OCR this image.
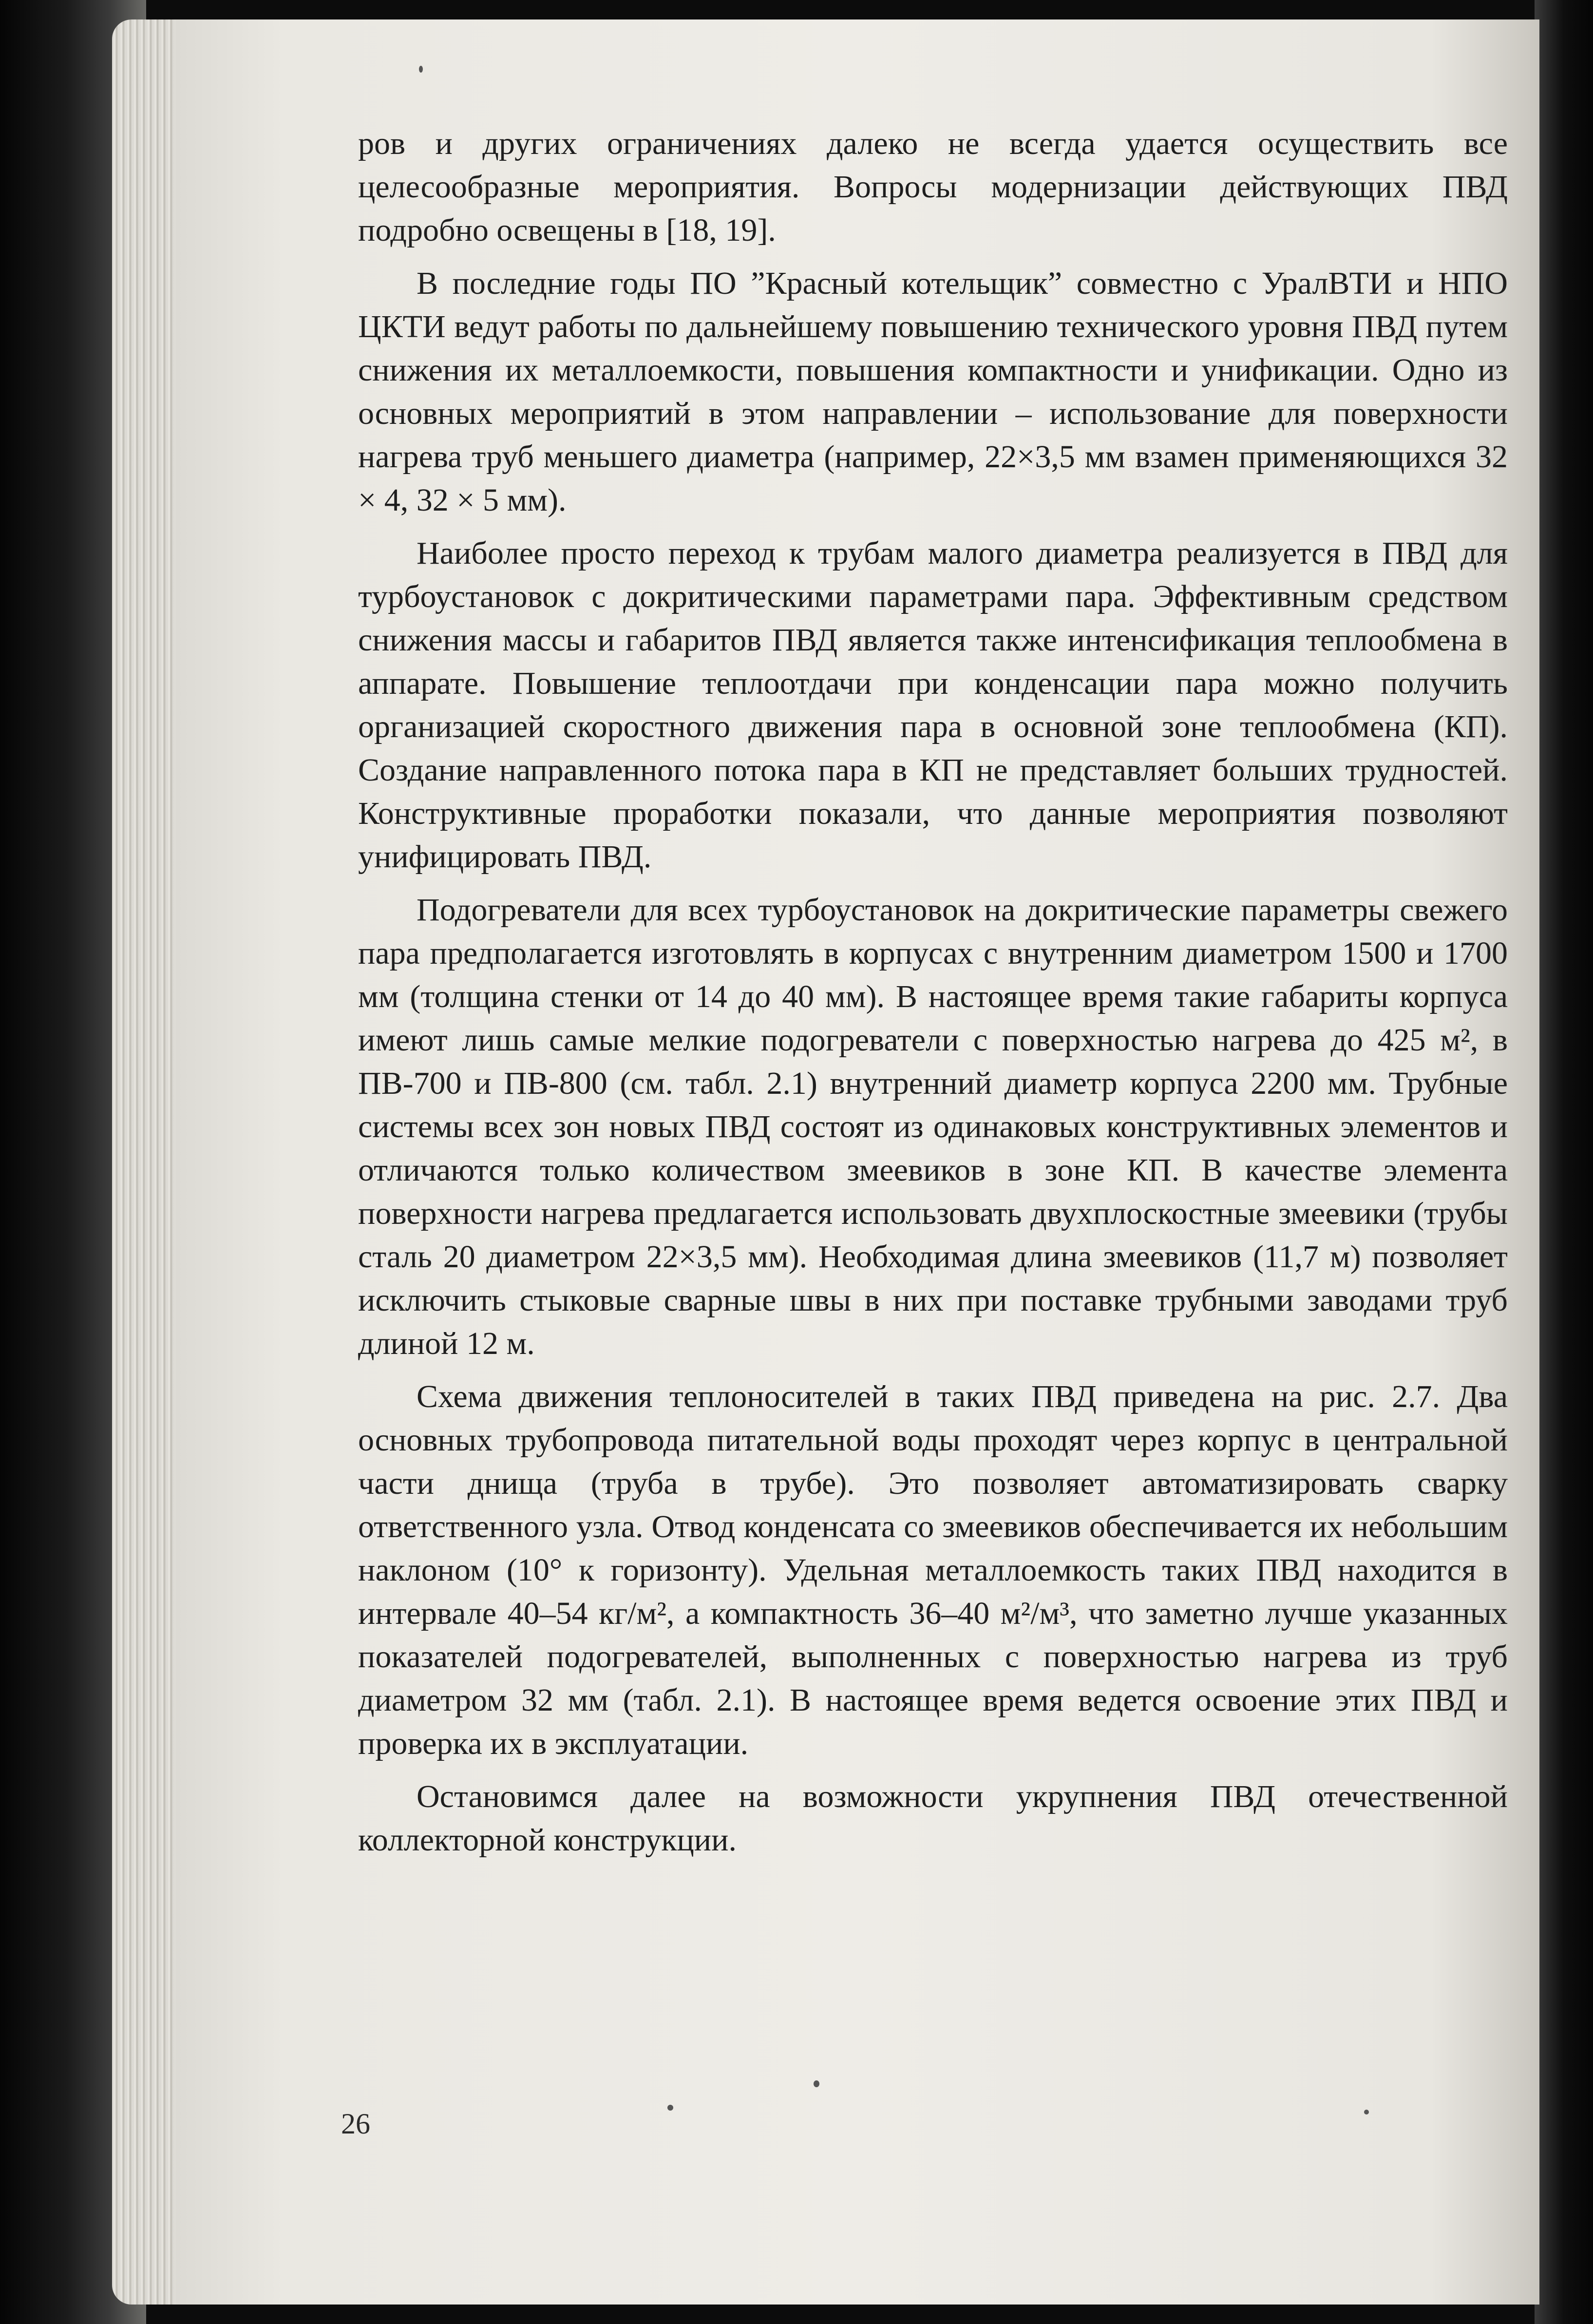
ров и других ограничениях далеко не всегда удается осуществить все целесообразные мероприятия. Вопросы модернизации действующих ПВД подробно освещены в [18, 19].

В последние годы ПО ”Красный котельщик” совместно с УралВТИ и НПО ЦКТИ ведут работы по дальнейшему повышению технического уровня ПВД путем снижения их металлоемкости, повышения компактности и унификации. Одно из основных мероприятий в этом направлении – использование для поверхности нагрева труб меньшего диаметра (например, 22×3,5 мм взамен применяющихся 32 × 4, 32 × 5 мм).

Наиболее просто переход к трубам малого диаметра реализуется в ПВД для турбоустановок с докритическими параметрами пара. Эффективным средством снижения массы и габаритов ПВД является также интенсификация теплообмена в аппарате. Повышение теплоотдачи при конденсации пара можно получить организацией скоростного движения пара в основной зоне теплообмена (КП). Создание направленного потока пара в КП не представляет больших трудностей. Конструктивные проработки показали, что данные мероприятия позволяют унифицировать ПВД.

Подогреватели для всех турбоустановок на докритические параметры свежего пара предполагается изготовлять в корпусах с внутренним диаметром 1500 и 1700 мм (толщина стенки от 14 до 40 мм). В настоящее время такие габариты корпуса имеют лишь самые мелкие подогреватели с поверхностью нагрева до 425 м², в ПВ-700 и ПВ-800 (см. табл. 2.1) внутренний диаметр корпуса 2200 мм. Трубные системы всех зон новых ПВД состоят из одинаковых конструктивных элементов и отличаются только количеством змеевиков в зоне КП. В качестве элемента поверхности нагрева предлагается использовать двухплоскостные змеевики (трубы сталь 20 диаметром 22×3,5 мм). Необходимая длина змеевиков (11,7 м) позволяет исключить стыковые сварные швы в них при поставке трубными заводами труб длиной 12 м.

Схема движения теплоносителей в таких ПВД приведена на рис. 2.7. Два основных трубопровода питательной воды проходят через корпус в центральной части днища (труба в трубе). Это позволяет автоматизировать сварку ответственного узла. Отвод конденсата со змеевиков обеспечивается их небольшим наклоном (10° к горизонту). Удельная металлоемкость таких ПВД находится в интервале 40–54 кг/м², а компактность 36–40 м²/м³, что заметно лучше указанных показателей подогревателей, выполненных с поверхностью нагрева из труб диаметром 32 мм (табл. 2.1). В настоящее время ведется освоение этих ПВД и проверка их в эксплуатации.

Остановимся далее на возможности укрупнения ПВД отечественной коллекторной конструкции.

26
